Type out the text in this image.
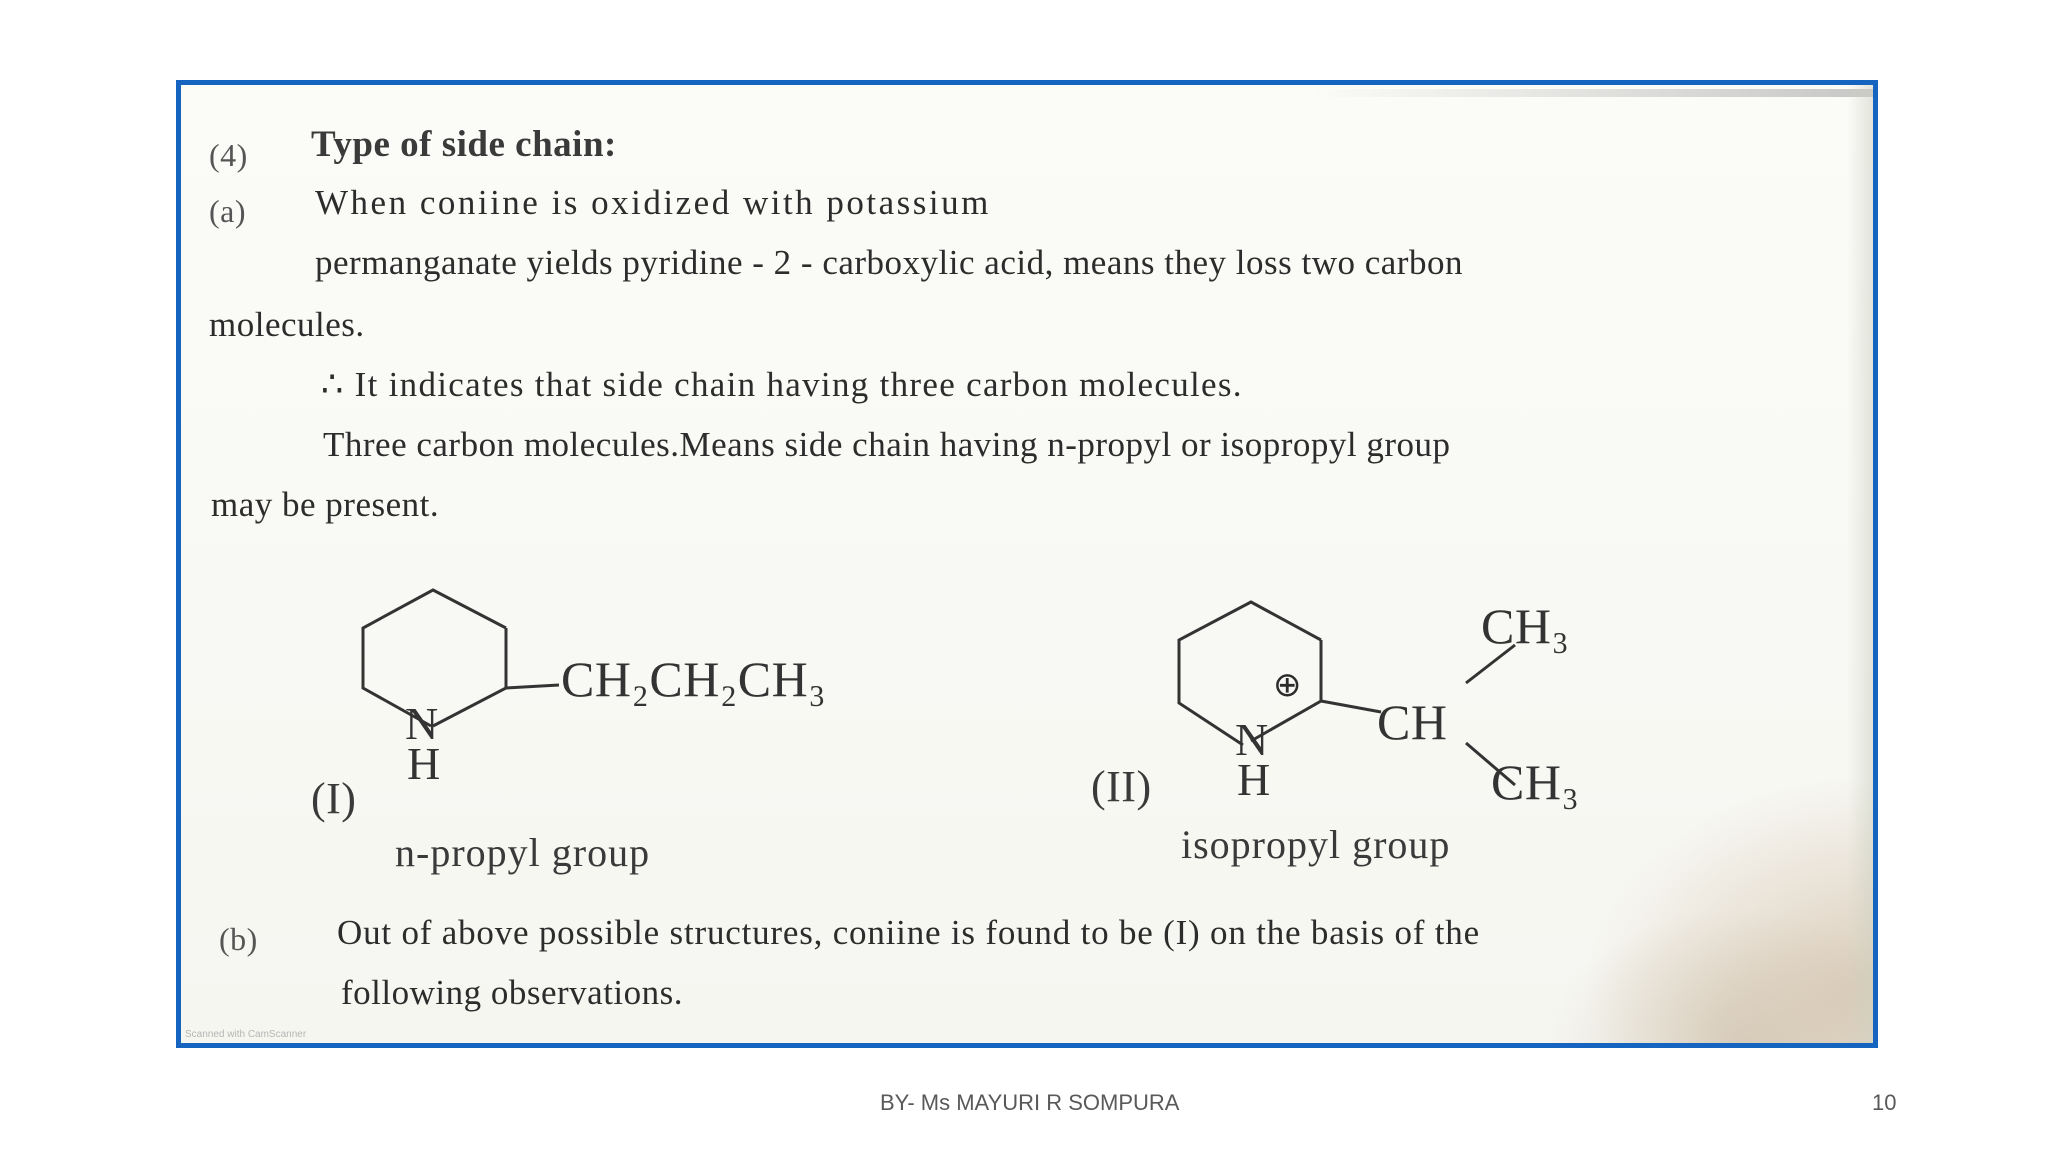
(4) Type of side chain:
(a) When coniine is oxidized with potassium
permanganate yields pyridine - 2 - carboxylic acid, means they loss two carbon
molecules.
∴ It indicates that side chain having three carbon molecules.
Three carbon molecules.Means side chain having n-propyl or isopropyl group
may be present.
N
H
CH₂CH₂CH₃
(I)
n-propyl group
⊕
N
H
CH
CH₃
CH₃
(II)
isopropyl group
(b) Out of above possible structures, coniine is found to be (I) on the basis of the
following observations.
Scanned with CamScanner
BY- Ms MAYURI R SOMPURA	10
